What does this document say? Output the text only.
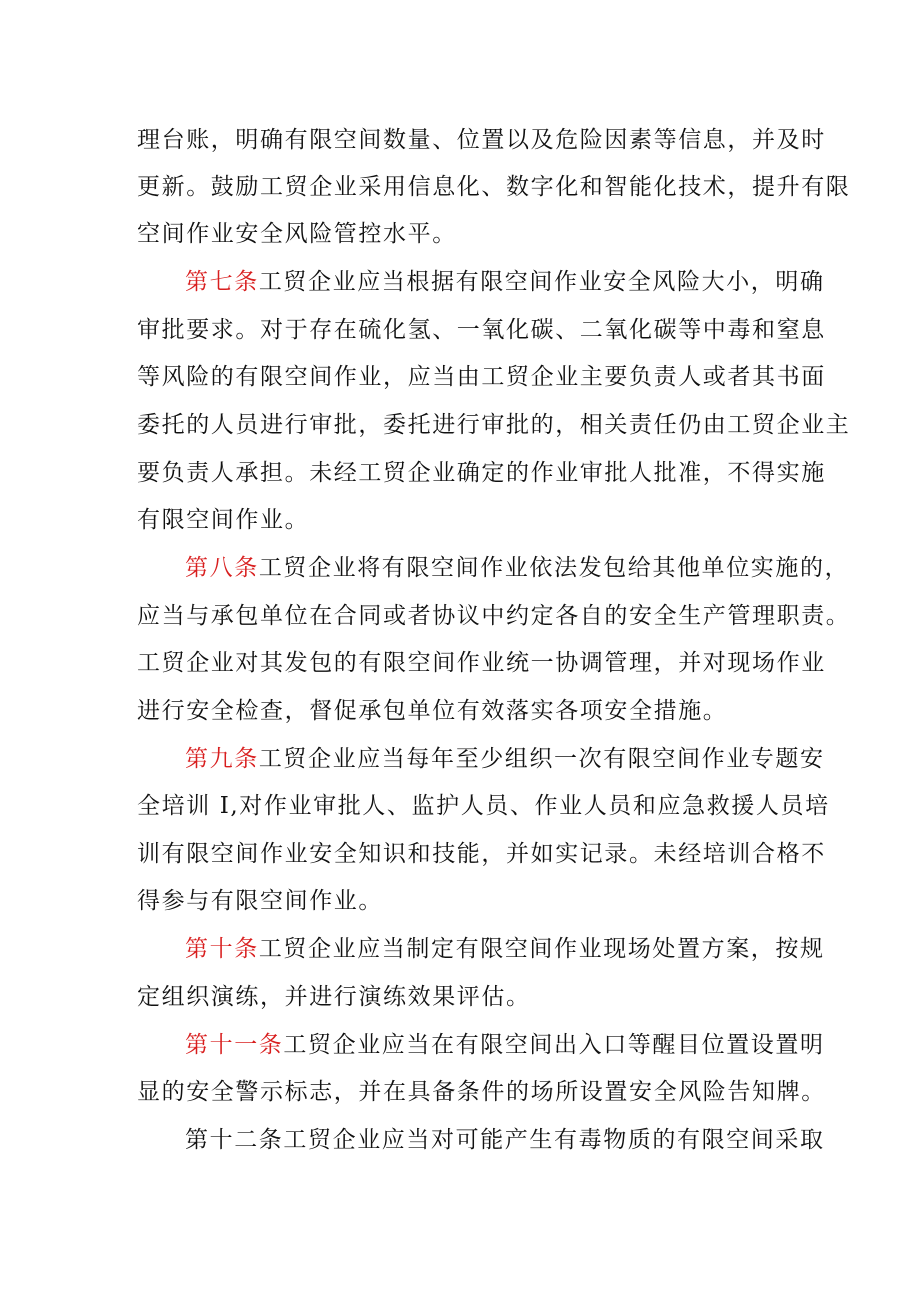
理台账，明确有限空间数量、位置以及危险因素等信息，并及时

更新。鼓励工贸企业采用信息化、数字化和智能化技术，提升有限

空间作业安全风险管控水平。

第七条工贸企业应当根据有限空间作业安全风险大小，明确

审批要求。对于存在硫化氢、一氧化碳、二氧化碳等中毒和窒息

等风险的有限空间作业，应当由工贸企业主要负责人或者其书面

委托的人员进行审批，委托进行审批的，相关责任仍由工贸企业主

要负责人承担。未经工贸企业确定的作业审批人批准，不得实施

有限空间作业。

第八条工贸企业将有限空间作业依法发包给其他单位实施的，

应当与承包单位在合同或者协议中约定各自的安全生产管理职责。

工贸企业对其发包的有限空间作业统一协调管理，并对现场作业

进行安全检查，督促承包单位有效落实各项安全措施。

第九条工贸企业应当每年至少组织一次有限空间作业专题安

全培训 I,对作业审批人、监护人员、作业人员和应急救援人员培

训有限空间作业安全知识和技能，并如实记录。未经培训合格不

得参与有限空间作业。

第十条工贸企业应当制定有限空间作业现场处置方案，按规

定组织演练，并进行演练效果评估。

第十一条工贸企业应当在有限空间出入口等醒目位置设置明

显的安全警示标志，并在具备条件的场所设置安全风险告知牌。

第十二条工贸企业应当对可能产生有毒物质的有限空间采取
